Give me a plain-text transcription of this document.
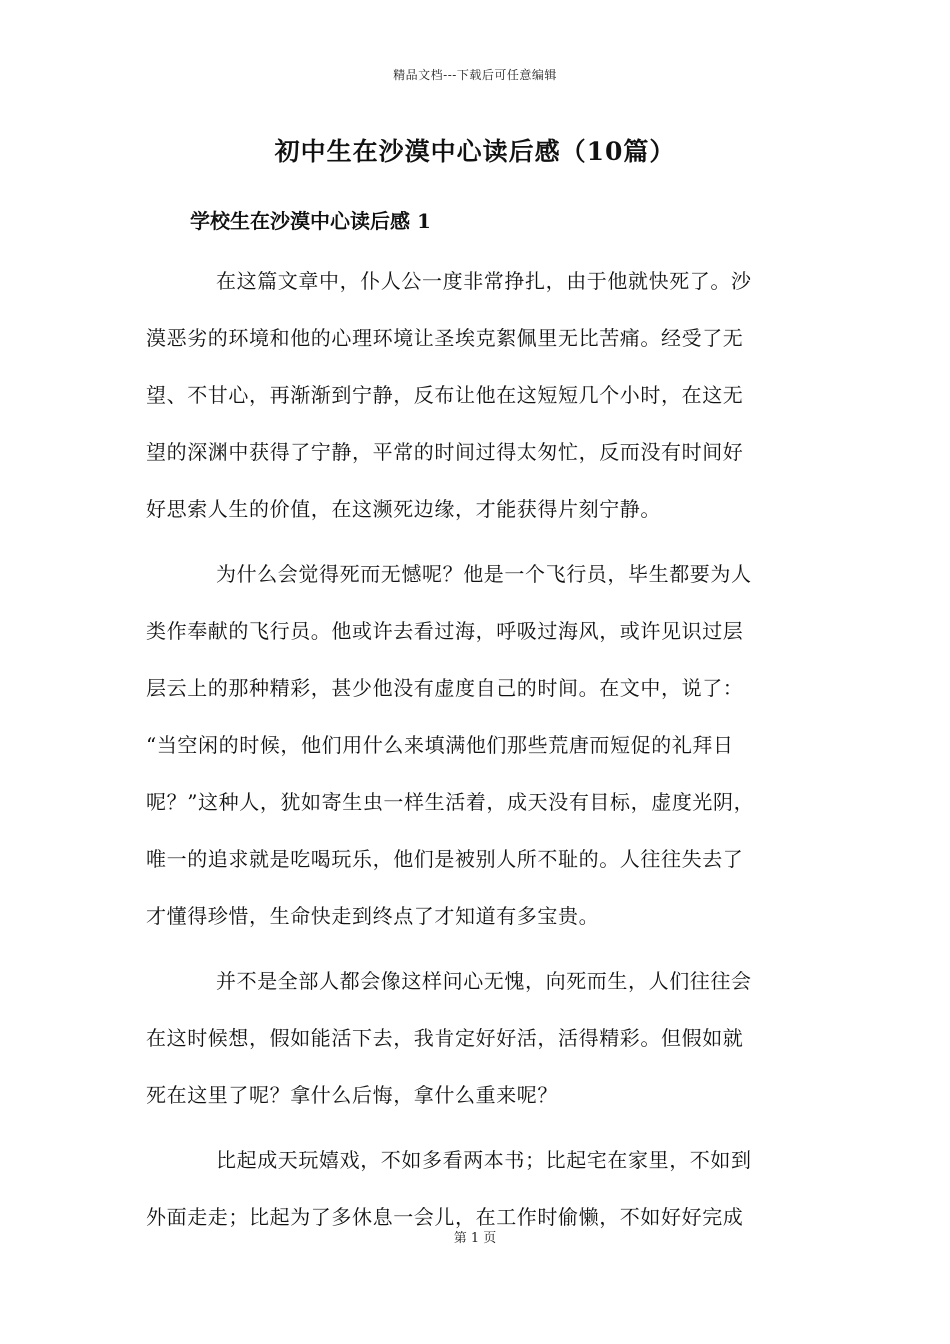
精品文档---下载后可任意编辑
初中生在沙漠中心读后感（10篇）
学校生在沙漠中心读后感 1

在这篇文章中，仆人公一度非常挣扎，由于他就快死了。沙
漠恶劣的环境和他的心理环境让圣埃克絮佩里无比苦痛。经受了无
望、不甘心，再渐渐到宁静，反布让他在这短短几个小时，在这无
望的深渊中获得了宁静，平常的时间过得太匆忙，反而没有时间好
好思索人生的价值，在这濒死边缘，才能获得片刻宁静。

为什么会觉得死而无憾呢？他是一个飞行员，毕生都要为人
类作奉献的飞行员。他或许去看过海，呼吸过海风，或许见识过层
层云上的那种精彩，甚少他没有虚度自己的时间。在文中，说了：
“当空闲的时候，他们用什么来填满他们那些荒唐而短促的礼拜日
呢？”这种人，犹如寄生虫一样生活着，成天没有目标，虚度光阴，
唯一的追求就是吃喝玩乐，他们是被别人所不耻的。人往往失去了
才懂得珍惜，生命快走到终点了才知道有多宝贵。

并不是全部人都会像这样问心无愧，向死而生，人们往往会
在这时候想，假如能活下去，我肯定好好活，活得精彩。但假如就
死在这里了呢？拿什么后悔，拿什么重来呢？

比起成天玩嬉戏，不如多看两本书；比起宅在家里，不如到
外面走走；比起为了多休息一会儿，在工作时偷懒，不如好好完成

第 1 页
